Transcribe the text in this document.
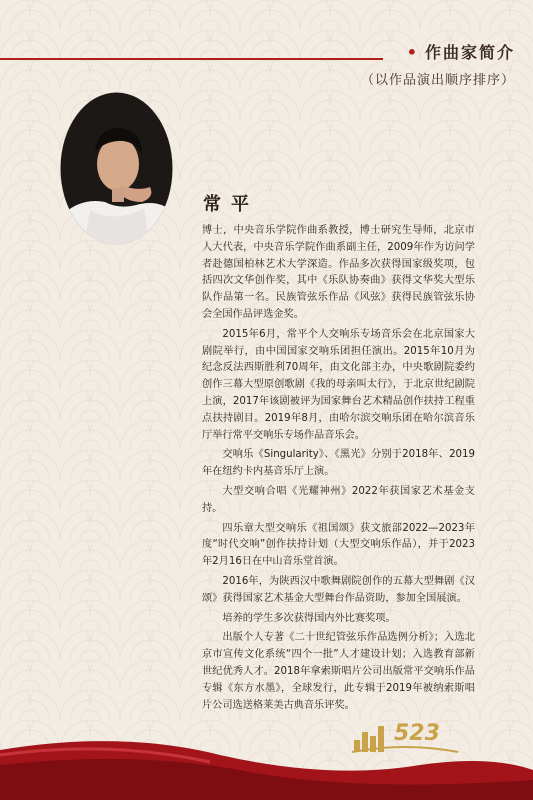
• 作曲家简介
（以作品演出顺序排序）
常平

博士，中央音乐学院作曲系教授，博士研究生导师，北京市人大代表，中央音乐学院作曲系副主任，2009年作为访问学者赴德国柏林艺术大学深造。作品多次获得国家级奖项，包括四次文华创作奖，其中《乐队协奏曲》获得文华奖大型乐队作品第一名。民族管弦乐作品《风弦》获得民族管弦乐协会全国作品评选金奖。

2015年6月，常平个人交响乐专场音乐会在北京国家大剧院举行，由中国国家交响乐团担任演出。2015年10月为纪念反法西斯胜利70周年，由文化部主办，中央歌剧院委约创作三幕大型原创歌剧《我的母亲叫太行》，于北京世纪剧院上演，2017年该剧被评为国家舞台艺术精品创作扶持工程重点扶持剧目。2019年8月，由哈尔滨交响乐团在哈尔滨音乐厅举行常平交响乐专场作品音乐会。

交响乐《Singularity》、《黑光》分别于2018年、2019年在纽约卡内基音乐厅上演。

大型交响合唱《光耀神州》2022年获国家艺术基金支持。

四乐章大型交响乐《祖国颂》获文旅部2022—2023年度“时代交响”创作扶持计划（大型交响乐作品），并于2023年2月16日在中山音乐堂首演。

2016年，为陕西汉中歌舞剧院创作的五幕大型舞剧《汉颂》获得国家艺术基金大型舞台作品资助，参加全国展演。

培养的学生多次获得国内外比赛奖项。

出版个人专著《二十世纪管弦乐作品选例分析》；入选北京市宣传文化系统“四个一批”人才建设计划；入选教育部新世纪优秀人才。2018年拿索斯唱片公司出版常平交响乐作品专辑《东方水墨》，全球发行，此专辑于2019年被纳索斯唱片公司选送格莱美古典音乐评奖。

523
